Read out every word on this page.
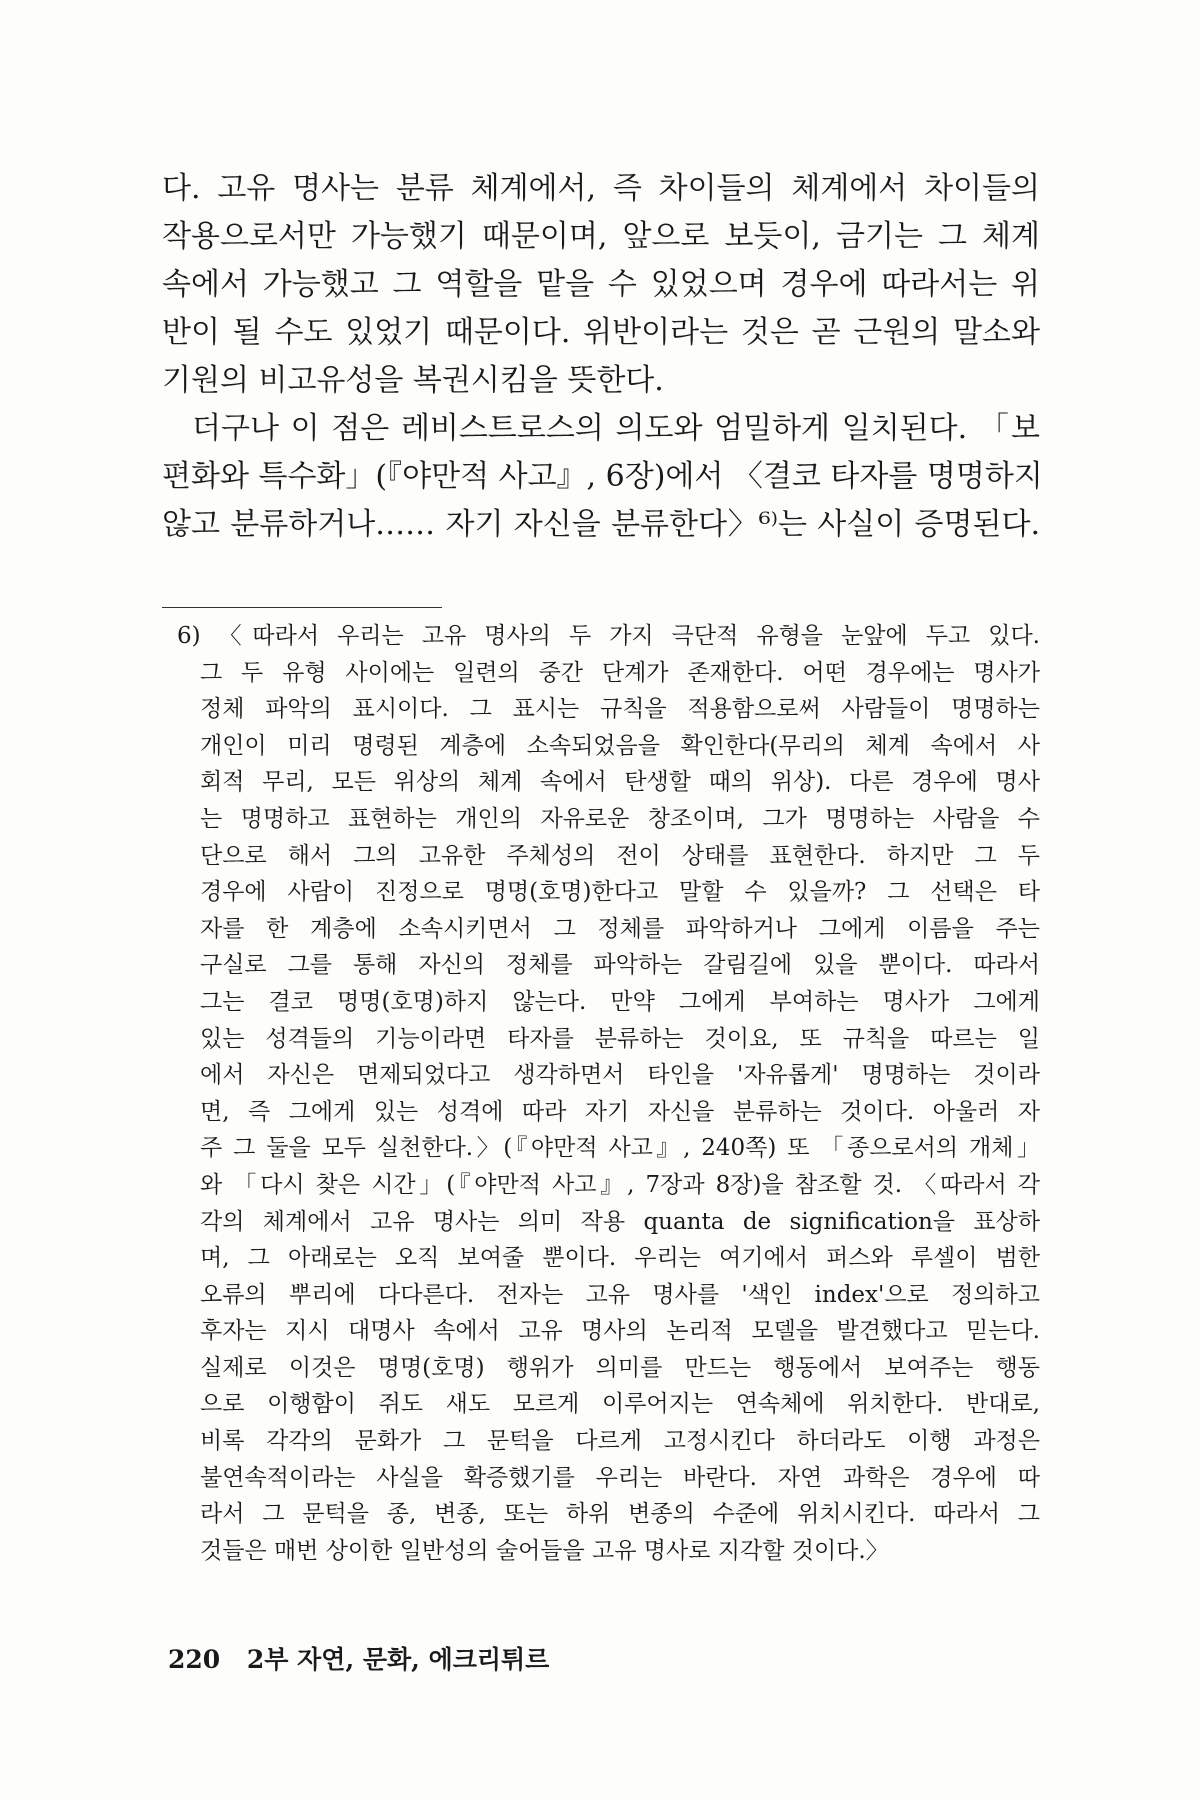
다. 고유 명사는 분류 체계에서, 즉 차이들의 체계에서 차이들의
작용으로서만 가능했기 때문이며, 앞으로 보듯이, 금기는 그 체계
속에서 가능했고 그 역할을 맡을 수 있었으며 경우에 따라서는 위
반이 될 수도 있었기 때문이다. 위반이라는 것은 곧 근원의 말소와
기원의 비고유성을 복권시킴을 뜻한다.
더구나 이 점은 레비스트로스의 의도와 엄밀하게 일치된다. 「보
편화와 특수화」(『야만적 사고』, 6장)에서 〈결코 타자를 명명하지
않고 분류하거나…… 자기 자신을 분류한다〉⁶⁾는 사실이 증명된다.
6) 〈따라서 우리는 고유 명사의 두 가지 극단적 유형을 눈앞에 두고 있다.
그 두 유형 사이에는 일련의 중간 단계가 존재한다. 어떤 경우에는 명사가
정체 파악의 표시이다. 그 표시는 규칙을 적용함으로써 사람들이 명명하는
개인이 미리 명령된 계층에 소속되었음을 확인한다(무리의 체계 속에서 사
회적 무리, 모든 위상의 체계 속에서 탄생할 때의 위상). 다른 경우에 명사
는 명명하고 표현하는 개인의 자유로운 창조이며, 그가 명명하는 사람을 수
단으로 해서 그의 고유한 주체성의 전이 상태를 표현한다. 하지만 그 두
경우에 사람이 진정으로 명명(호명)한다고 말할 수 있을까? 그 선택은 타
자를 한 계층에 소속시키면서 그 정체를 파악하거나 그에게 이름을 주는
구실로 그를 통해 자신의 정체를 파악하는 갈림길에 있을 뿐이다. 따라서
그는 결코 명명(호명)하지 않는다. 만약 그에게 부여하는 명사가 그에게
있는 성격들의 기능이라면 타자를 분류하는 것이요, 또 규칙을 따르는 일
에서 자신은 면제되었다고 생각하면서 타인을 '자유롭게' 명명하는 것이라
면, 즉 그에게 있는 성격에 따라 자기 자신을 분류하는 것이다. 아울러 자
주 그 둘을 모두 실천한다.〉(『야만적 사고』, 240쪽) 또 「종으로서의 개체」
와 「다시 찾은 시간」(『야만적 사고』, 7장과 8장)을 참조할 것. 〈따라서 각
각의 체계에서 고유 명사는 의미 작용 quanta de signification을 표상하
며, 그 아래로는 오직 보여줄 뿐이다. 우리는 여기에서 퍼스와 루셀이 범한
오류의 뿌리에 다다른다. 전자는 고유 명사를 '색인 index'으로 정의하고
후자는 지시 대명사 속에서 고유 명사의 논리적 모델을 발견했다고 믿는다.
실제로 이것은 명명(호명) 행위가 의미를 만드는 행동에서 보여주는 행동
으로 이행함이 쥐도 새도 모르게 이루어지는 연속체에 위치한다. 반대로,
비록 각각의 문화가 그 문턱을 다르게 고정시킨다 하더라도 이행 과정은
불연속적이라는 사실을 확증했기를 우리는 바란다. 자연 과학은 경우에 따
라서 그 문턱을 종, 변종, 또는 하위 변종의 수준에 위치시킨다. 따라서 그
것들은 매번 상이한 일반성의 술어들을 고유 명사로 지각할 것이다.〉
220 2부 자연, 문화, 에크리튀르
